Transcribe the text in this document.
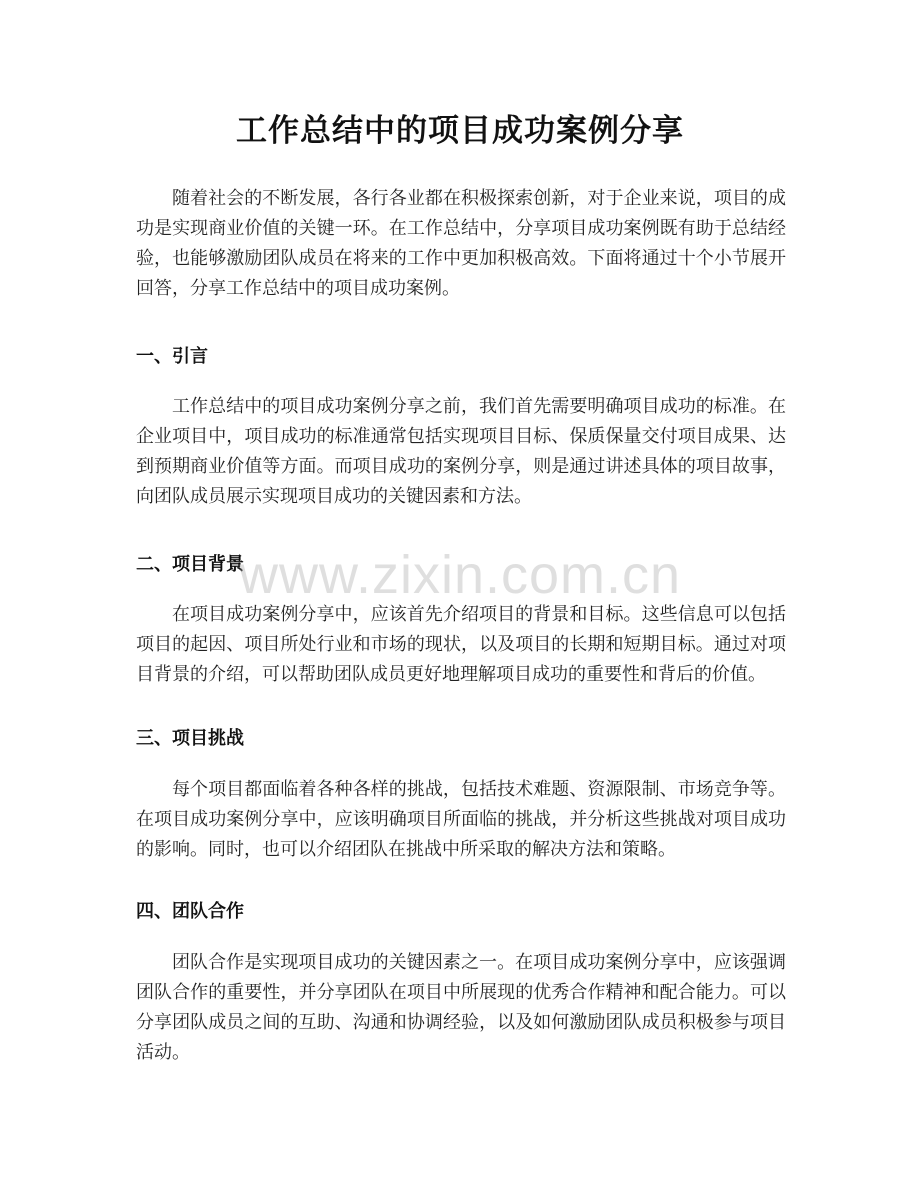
工作总结中的项目成功案例分享

随着社会的不断发展，各行各业都在积极探索创新，对于企业来说，项目的成功是实现商业价值的关键一环。在工作总结中，分享项目成功案例既有助于总结经验，也能够激励团队成员在将来的工作中更加积极高效。下面将通过十个小节展开回答，分享工作总结中的项目成功案例。

一、引言

工作总结中的项目成功案例分享之前，我们首先需要明确项目成功的标准。在企业项目中，项目成功的标准通常包括实现项目目标、保质保量交付项目成果、达到预期商业价值等方面。而项目成功的案例分享，则是通过讲述具体的项目故事，向团队成员展示实现项目成功的关键因素和方法。

二、项目背景

在项目成功案例分享中，应该首先介绍项目的背景和目标。这些信息可以包括项目的起因、项目所处行业和市场的现状，以及项目的长期和短期目标。通过对项目背景的介绍，可以帮助团队成员更好地理解项目成功的重要性和背后的价值。

三、项目挑战

每个项目都面临着各种各样的挑战，包括技术难题、资源限制、市场竞争等。在项目成功案例分享中，应该明确项目所面临的挑战，并分析这些挑战对项目成功的影响。同时，也可以介绍团队在挑战中所采取的解决方法和策略。

四、团队合作

团队合作是实现项目成功的关键因素之一。在项目成功案例分享中，应该强调团队合作的重要性，并分享团队在项目中所展现的优秀合作精神和配合能力。可以分享团队成员之间的互助、沟通和协调经验，以及如何激励团队成员积极参与项目活动。

www.zixin.com.cn
